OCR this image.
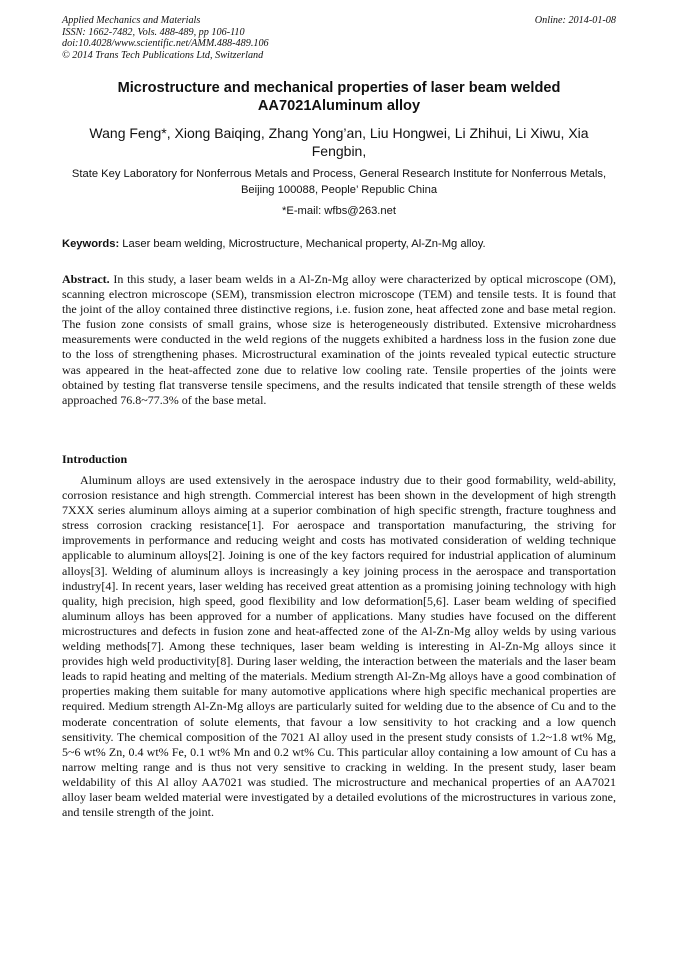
Applied Mechanics and Materials
ISSN: 1662-7482, Vols. 488-489, pp 106-110
doi:10.4028/www.scientific.net/AMM.488-489.106
© 2014 Trans Tech Publications Ltd, Switzerland
Online: 2014-01-08
Microstructure and mechanical properties of laser beam welded AA7021Aluminum alloy
Wang Feng*, Xiong Baiqing, Zhang Yong’an, Liu Hongwei, Li Zhihui, Li Xiwu, Xia Fengbin,
State Key Laboratory for Nonferrous Metals and Process, General Research Institute for Nonferrous Metals, Beijing 100088, People’ Republic China
*E-mail: wfbs@263.net
Keywords: Laser beam welding, Microstructure, Mechanical property, Al-Zn-Mg alloy.
Abstract. In this study, a laser beam welds in a Al-Zn-Mg alloy were characterized by optical microscope (OM), scanning electron microscope (SEM), transmission electron microscope (TEM) and tensile tests. It is found that the joint of the alloy contained three distinctive regions, i.e. fusion zone, heat affected zone and base metal region. The fusion zone consists of small grains, whose size is heterogeneously distributed. Extensive microhardness measurements were conducted in the weld regions of the nuggets exhibited a hardness loss in the fusion zone due to the loss of strengthening phases. Microstructural examination of the joints revealed typical eutectic structure was appeared in the heat-affected zone due to relative low cooling rate. Tensile properties of the joints were obtained by testing flat transverse tensile specimens, and the results indicated that tensile strength of these welds approached 76.8~77.3% of the base metal.
Introduction
Aluminum alloys are used extensively in the aerospace industry due to their good formability, weld-ability, corrosion resistance and high strength. Commercial interest has been shown in the development of high strength 7XXX series aluminum alloys aiming at a superior combination of high specific strength, fracture toughness and stress corrosion cracking resistance[1]. For aerospace and transportation manufacturing, the striving for improvements in performance and reducing weight and costs has motivated consideration of welding technique applicable to aluminum alloys[2]. Joining is one of the key factors required for industrial application of aluminum alloys[3]. Welding of aluminum alloys is increasingly a key joining process in the aerospace and transportation industry[4]. In recent years, laser welding has received great attention as a promising joining technology with high quality, high precision, high speed, good flexibility and low deformation[5,6]. Laser beam welding of specified aluminum alloys has been approved for a number of applications. Many studies have focused on the different microstructures and defects in fusion zone and heat-affected zone of the Al-Zn-Mg alloy welds by using various welding methods[7]. Among these techniques, laser beam welding is interesting in Al-Zn-Mg alloys since it provides high weld productivity[8]. During laser welding, the interaction between the materials and the laser beam leads to rapid heating and melting of the materials. Medium strength Al-Zn-Mg alloys have a good combination of properties making them suitable for many automotive applications where high specific mechanical properties are required. Medium strength Al-Zn-Mg alloys are particularly suited for welding due to the absence of Cu and to the moderate concentration of solute elements, that favour a low sensitivity to hot cracking and a low quench sensitivity. The chemical composition of the 7021 Al alloy used in the present study consists of 1.2~1.8 wt% Mg, 5~6 wt% Zn, 0.4 wt% Fe, 0.1 wt% Mn and 0.2 wt% Cu. This particular alloy containing a low amount of Cu has a narrow melting range and is thus not very sensitive to cracking in welding. In the present study, laser beam weldability of this Al alloy AA7021 was studied. The microstructure and mechanical properties of an AA7021 alloy laser beam welded material were investigated by a detailed evolutions of the microstructures in various zone, and tensile strength of the joint.
